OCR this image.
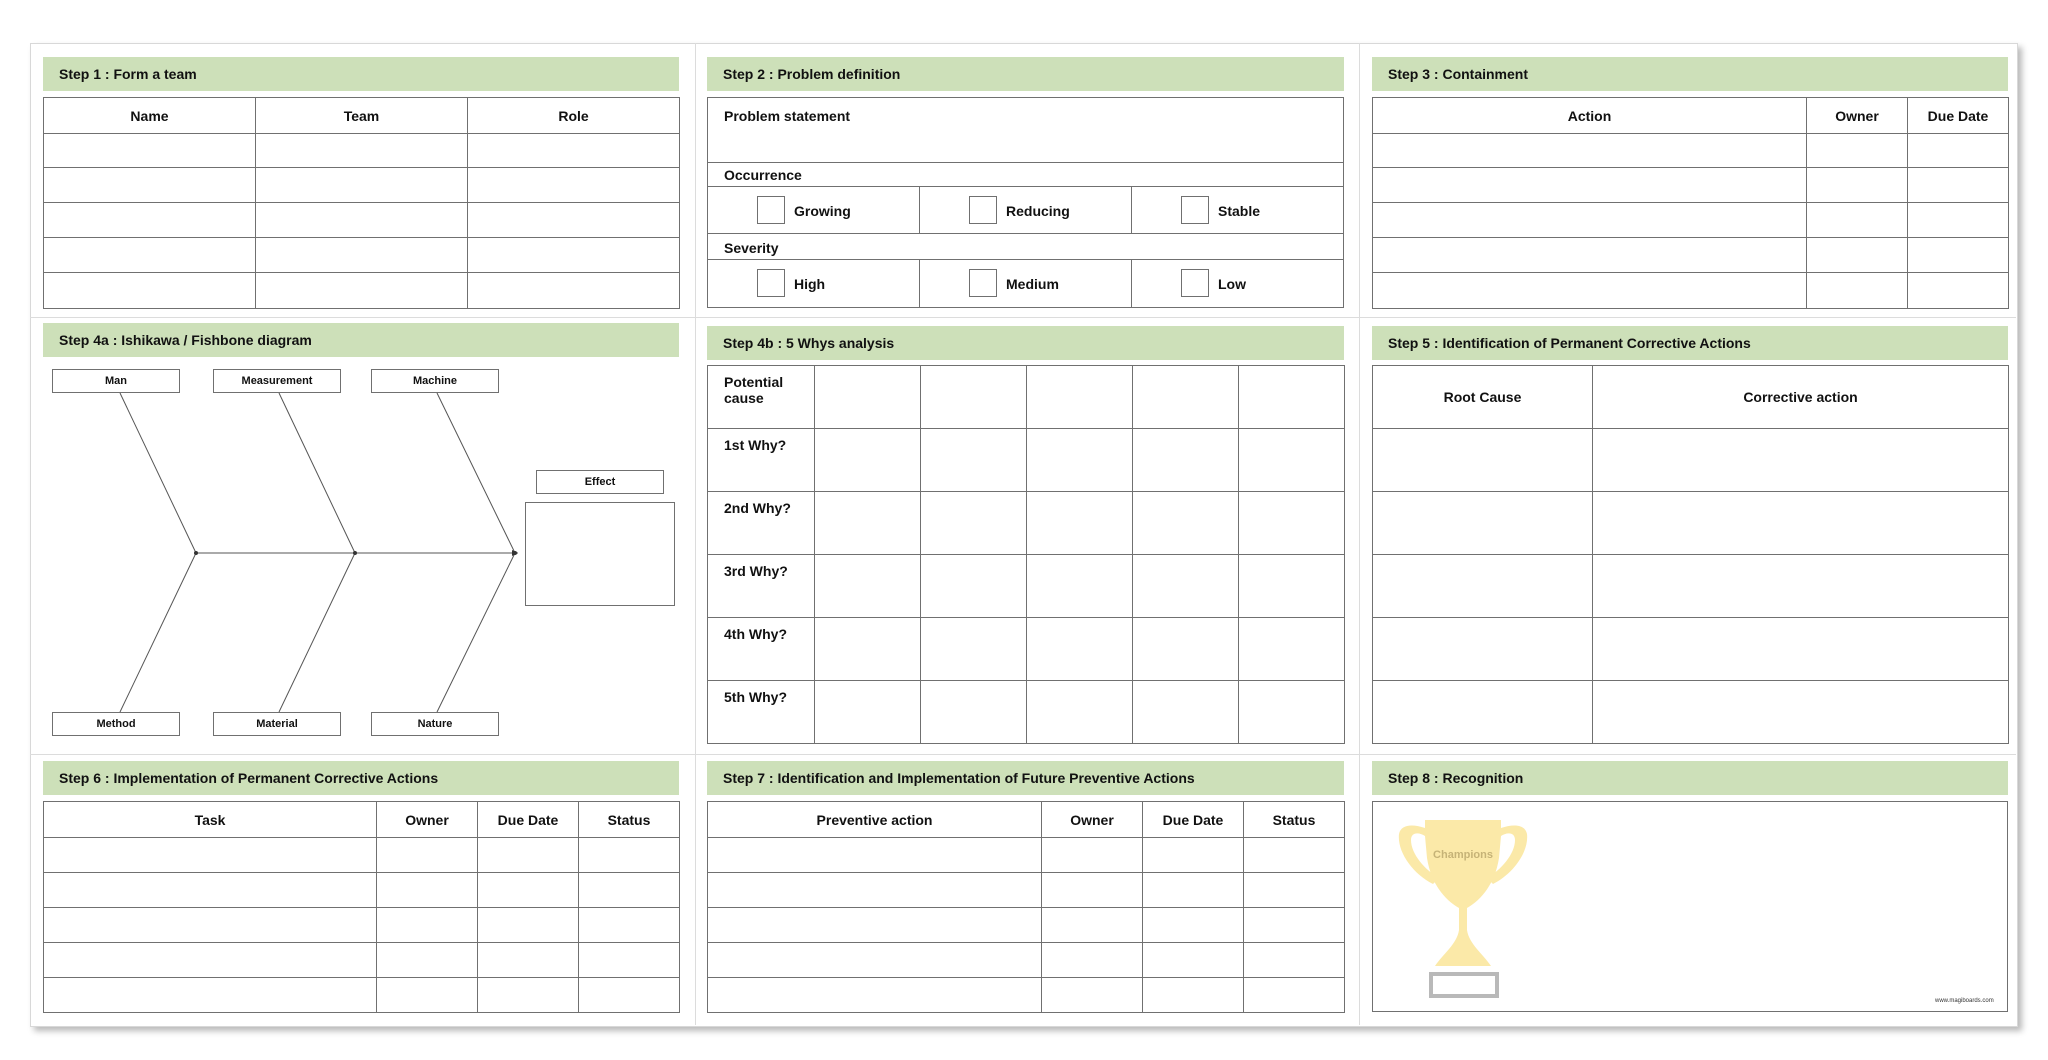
Step 1 : Form a team
Name	Team	Role

Step 2 : Problem definition
Problem statement
Occurrence
Growing	Reducing	Stable
Severity
High	Medium	Low
Step 3 : Containment
Action	Owner	Due Date

Step 4a : Ishikawa / Fishbone diagram
Man	Measurement	Machine
Method	Material	Nature
Effect
Step 4b : 5 Whys analysis
Potential cause					
1st Why?					
2nd Why?					
3rd Why?					
4th Why?					
5th Why?					
Step 5 : Identification of Permanent Corrective Actions
Root Cause	Corrective action

Step 6 : Implementation of Permanent Corrective Actions
Task	Owner	Due Date	Status

Step 7 : Identification and Implementation of Future Preventive Actions
Preventive action	Owner	Due Date	Status

Step 8 : Recognition
Champions
www.magiboards.com
